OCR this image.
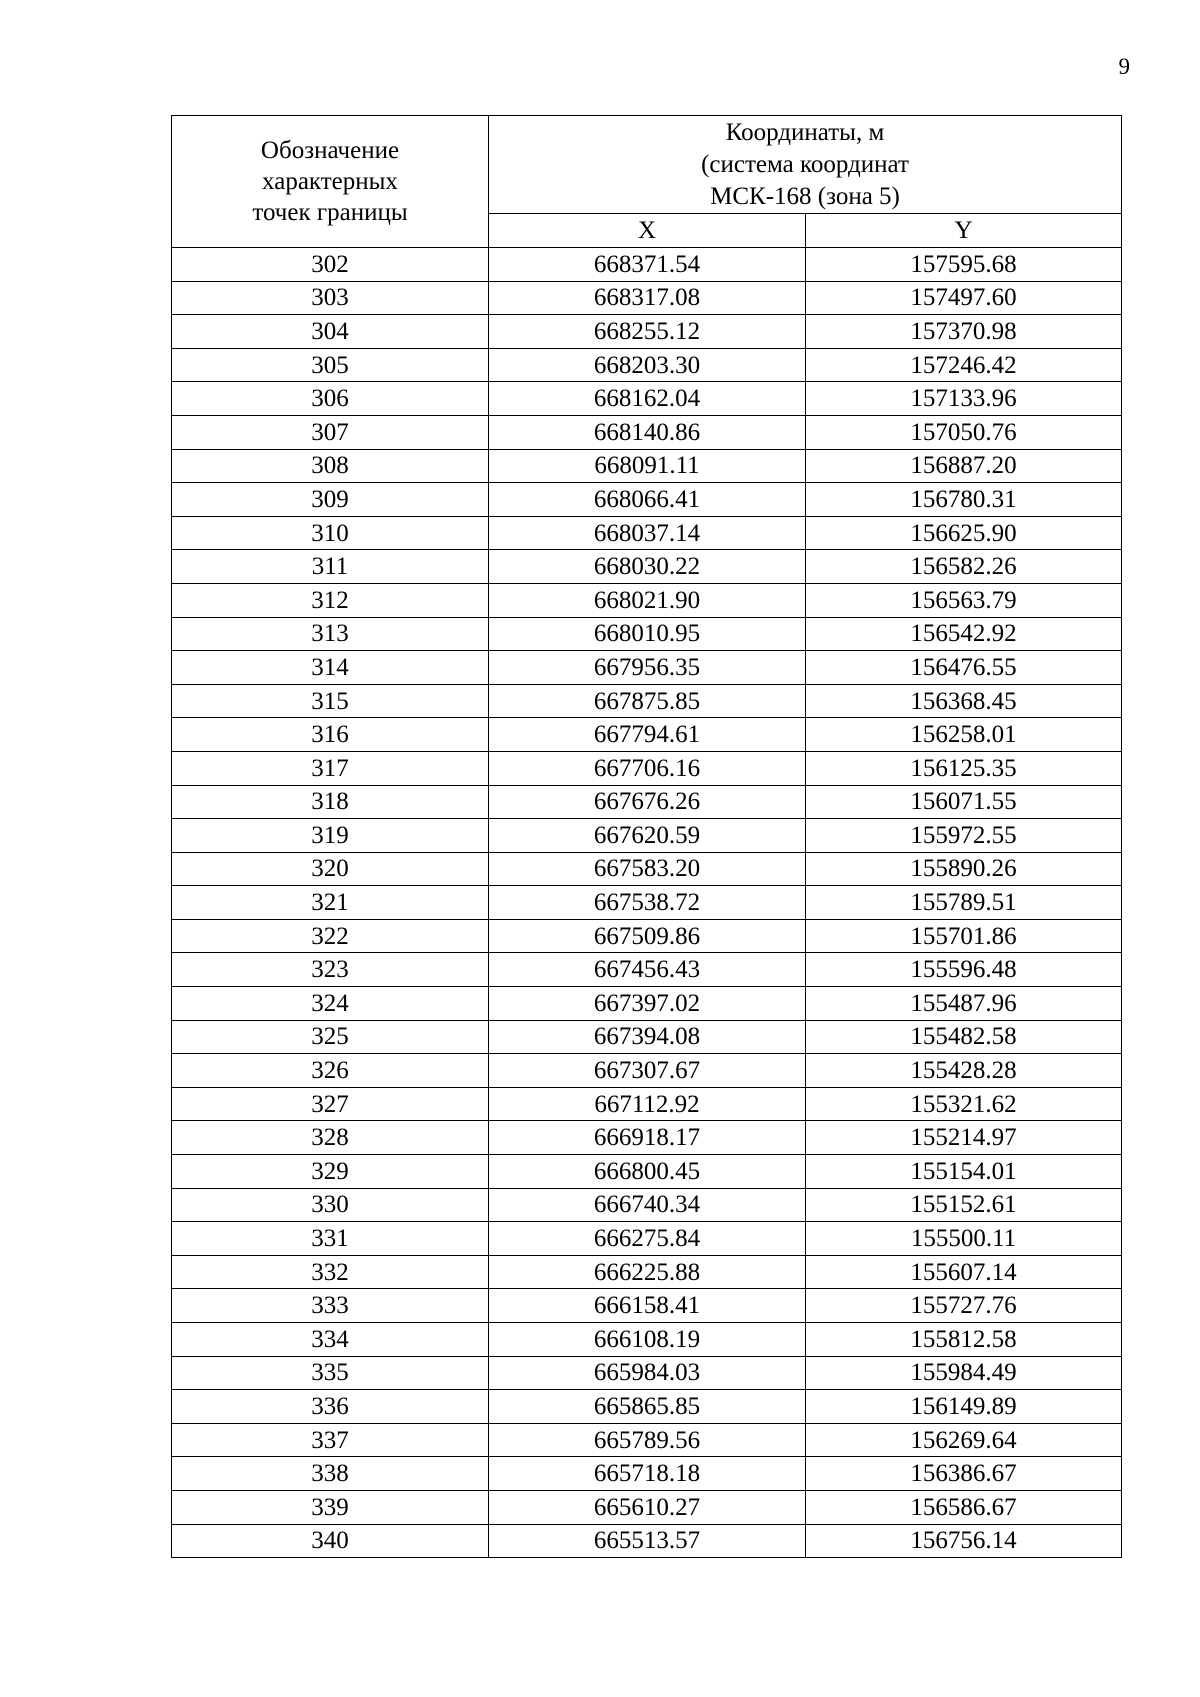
9
Обозначение
характерных
точек границы	Координаты, м
(система координат
МСК-168 (зона 5)	

	X	Y
302	668371.54	157595.68
303	668317.08	157497.60
304	668255.12	157370.98
305	668203.30	157246.42
306	668162.04	157133.96
307	668140.86	157050.76
308	668091.11	156887.20
309	668066.41	156780.31
310	668037.14	156625.90
311	668030.22	156582.26
312	668021.90	156563.79
313	668010.95	156542.92
314	667956.35	156476.55
315	667875.85	156368.45
316	667794.61	156258.01
317	667706.16	156125.35
318	667676.26	156071.55
319	667620.59	155972.55
320	667583.20	155890.26
321	667538.72	155789.51
322	667509.86	155701.86
323	667456.43	155596.48
324	667397.02	155487.96
325	667394.08	155482.58
326	667307.67	155428.28
327	667112.92	155321.62
328	666918.17	155214.97
329	666800.45	155154.01
330	666740.34	155152.61
331	666275.84	155500.11
332	666225.88	155607.14
333	666158.41	155727.76
334	666108.19	155812.58
335	665984.03	155984.49
336	665865.85	156149.89
337	665789.56	156269.64
338	665718.18	156386.67
339	665610.27	156586.67
340	665513.57	156756.14
